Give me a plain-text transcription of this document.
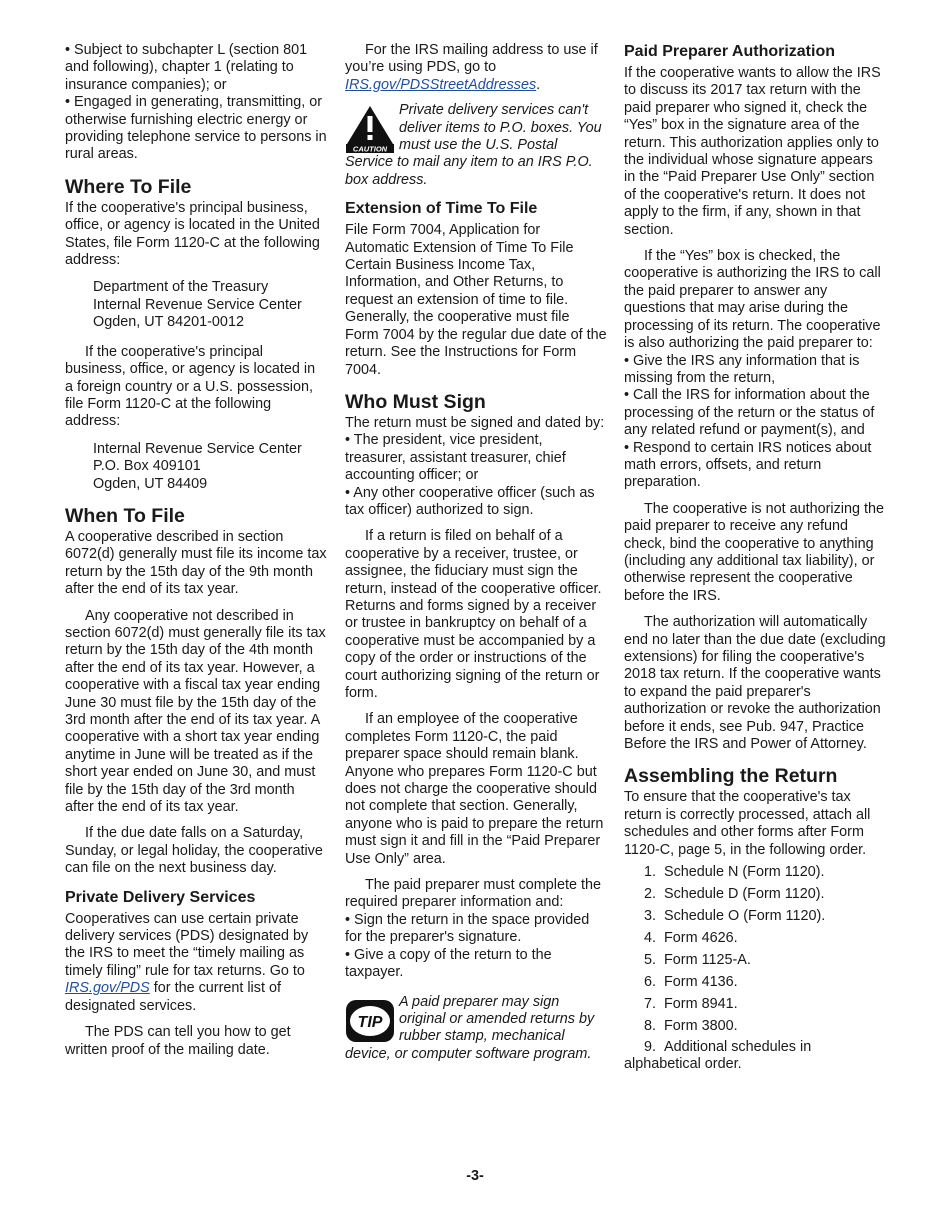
• Subject to subchapter L (section 801 and following), chapter 1 (relating to insurance companies); or

• Engaged in generating, transmitting, or otherwise furnishing electric energy or providing telephone service to persons in rural areas.

Where To File

If the cooperative's principal business, office, or agency is located in the United States, file Form 1120-C at the following address:

Department of the Treasury
Internal Revenue Service Center
Ogden, UT 84201-0012

If the cooperative's principal business, office, or agency is located in a foreign country or a U.S. possession, file Form 1120-C at the following address:

Internal Revenue Service Center
P.O. Box 409101
Ogden, UT 84409
When To File

A cooperative described in section 6072(d) generally must file its income tax return by the 15th day of the 9th month after the end of its tax year.

Any cooperative not described in section 6072(d) must generally file its tax return by the 15th day of the 4th month after the end of its tax year. However, a cooperative with a fiscal tax year ending June 30 must file by the 15th day of the 3rd month after the end of its tax year. A cooperative with a short tax year ending anytime in June will be treated as if the short year ended on June 30, and must file by the 15th day of the 3rd month after the end of its tax year.

If the due date falls on a Saturday, Sunday, or legal holiday, the cooperative can file on the next business day.

Private Delivery Services

Cooperatives can use certain private delivery services (PDS) designated by the IRS to meet the “timely mailing as timely filing” rule for tax returns. Go to IRS.gov/PDS for the current list of designated services.

The PDS can tell you how to get written proof of the mailing date.

For the IRS mailing address to use if you’re using PDS, go to IRS.gov/PDSStreetAddresses.

CAUTION
Private delivery services can't deliver items to P.O. boxes. You must use the U.S. Postal Service to mail any item to an IRS P.O. box address.
Extension of Time To File

File Form 7004, Application for Automatic Extension of Time To File Certain Business Income Tax, Information, and Other Returns, to request an extension of time to file. Generally, the cooperative must file Form 7004 by the regular due date of the return. See the Instructions for Form 7004.

Who Must Sign

The return must be signed and dated by:

• The president, vice president, treasurer, assistant treasurer, chief accounting officer; or

• Any other cooperative officer (such as tax officer) authorized to sign.

If a return is filed on behalf of a cooperative by a receiver, trustee, or assignee, the fiduciary must sign the return, instead of the cooperative officer. Returns and forms signed by a receiver or trustee in bankruptcy on behalf of a cooperative must be accompanied by a copy of the order or instructions of the court authorizing signing of the return or form.

If an employee of the cooperative completes Form 1120-C, the paid preparer space should remain blank. Anyone who prepares Form 1120-C but does not charge the cooperative should not complete that section. Generally, anyone who is paid to prepare the return must sign it and fill in the “Paid Preparer Use Only” area.

The paid preparer must complete the required preparer information and:

• Sign the return in the space provided for the preparer's signature.

• Give a copy of the return to the taxpayer.

TIP
A paid preparer may sign original or amended returns by rubber stamp, mechanical device, or computer software program.
Paid Preparer Authorization

If the cooperative wants to allow the IRS to discuss its 2017 tax return with the paid preparer who signed it, check the “Yes” box in the signature area of the return. This authorization applies only to the individual whose signature appears in the “Paid Preparer Use Only” section of the cooperative's return. It does not apply to the firm, if any, shown in that section.

If the “Yes” box is checked, the cooperative is authorizing the IRS to call the paid preparer to answer any questions that may arise during the processing of its return. The cooperative is also authorizing the paid preparer to:

• Give the IRS any information that is missing from the return,

• Call the IRS for information about the processing of the return or the status of any related refund or payment(s), and

• Respond to certain IRS notices about math errors, offsets, and return preparation.

The cooperative is not authorizing the paid preparer to receive any refund check, bind the cooperative to anything (including any additional tax liability), or otherwise represent the cooperative before the IRS.

The authorization will automatically end no later than the due date (excluding extensions) for filing the cooperative's 2018 tax return. If the cooperative wants to expand the paid preparer's authorization or revoke the authorization before it ends, see Pub. 947, Practice Before the IRS and Power of Attorney.

Assembling the Return

To ensure that the cooperative's tax return is correctly processed, attach all schedules and other forms after Form 1120-C, page 5, in the following order.

1.  Schedule N (Form 1120).
2.  Schedule D (Form 1120).
3.  Schedule O (Form 1120).
4.  Form 4626.
5.  Form 1125-A.
6.  Form 4136.
7.  Form 8941.
8.  Form 3800.

9.  Additional schedules in

alphabetical order.

-3-
